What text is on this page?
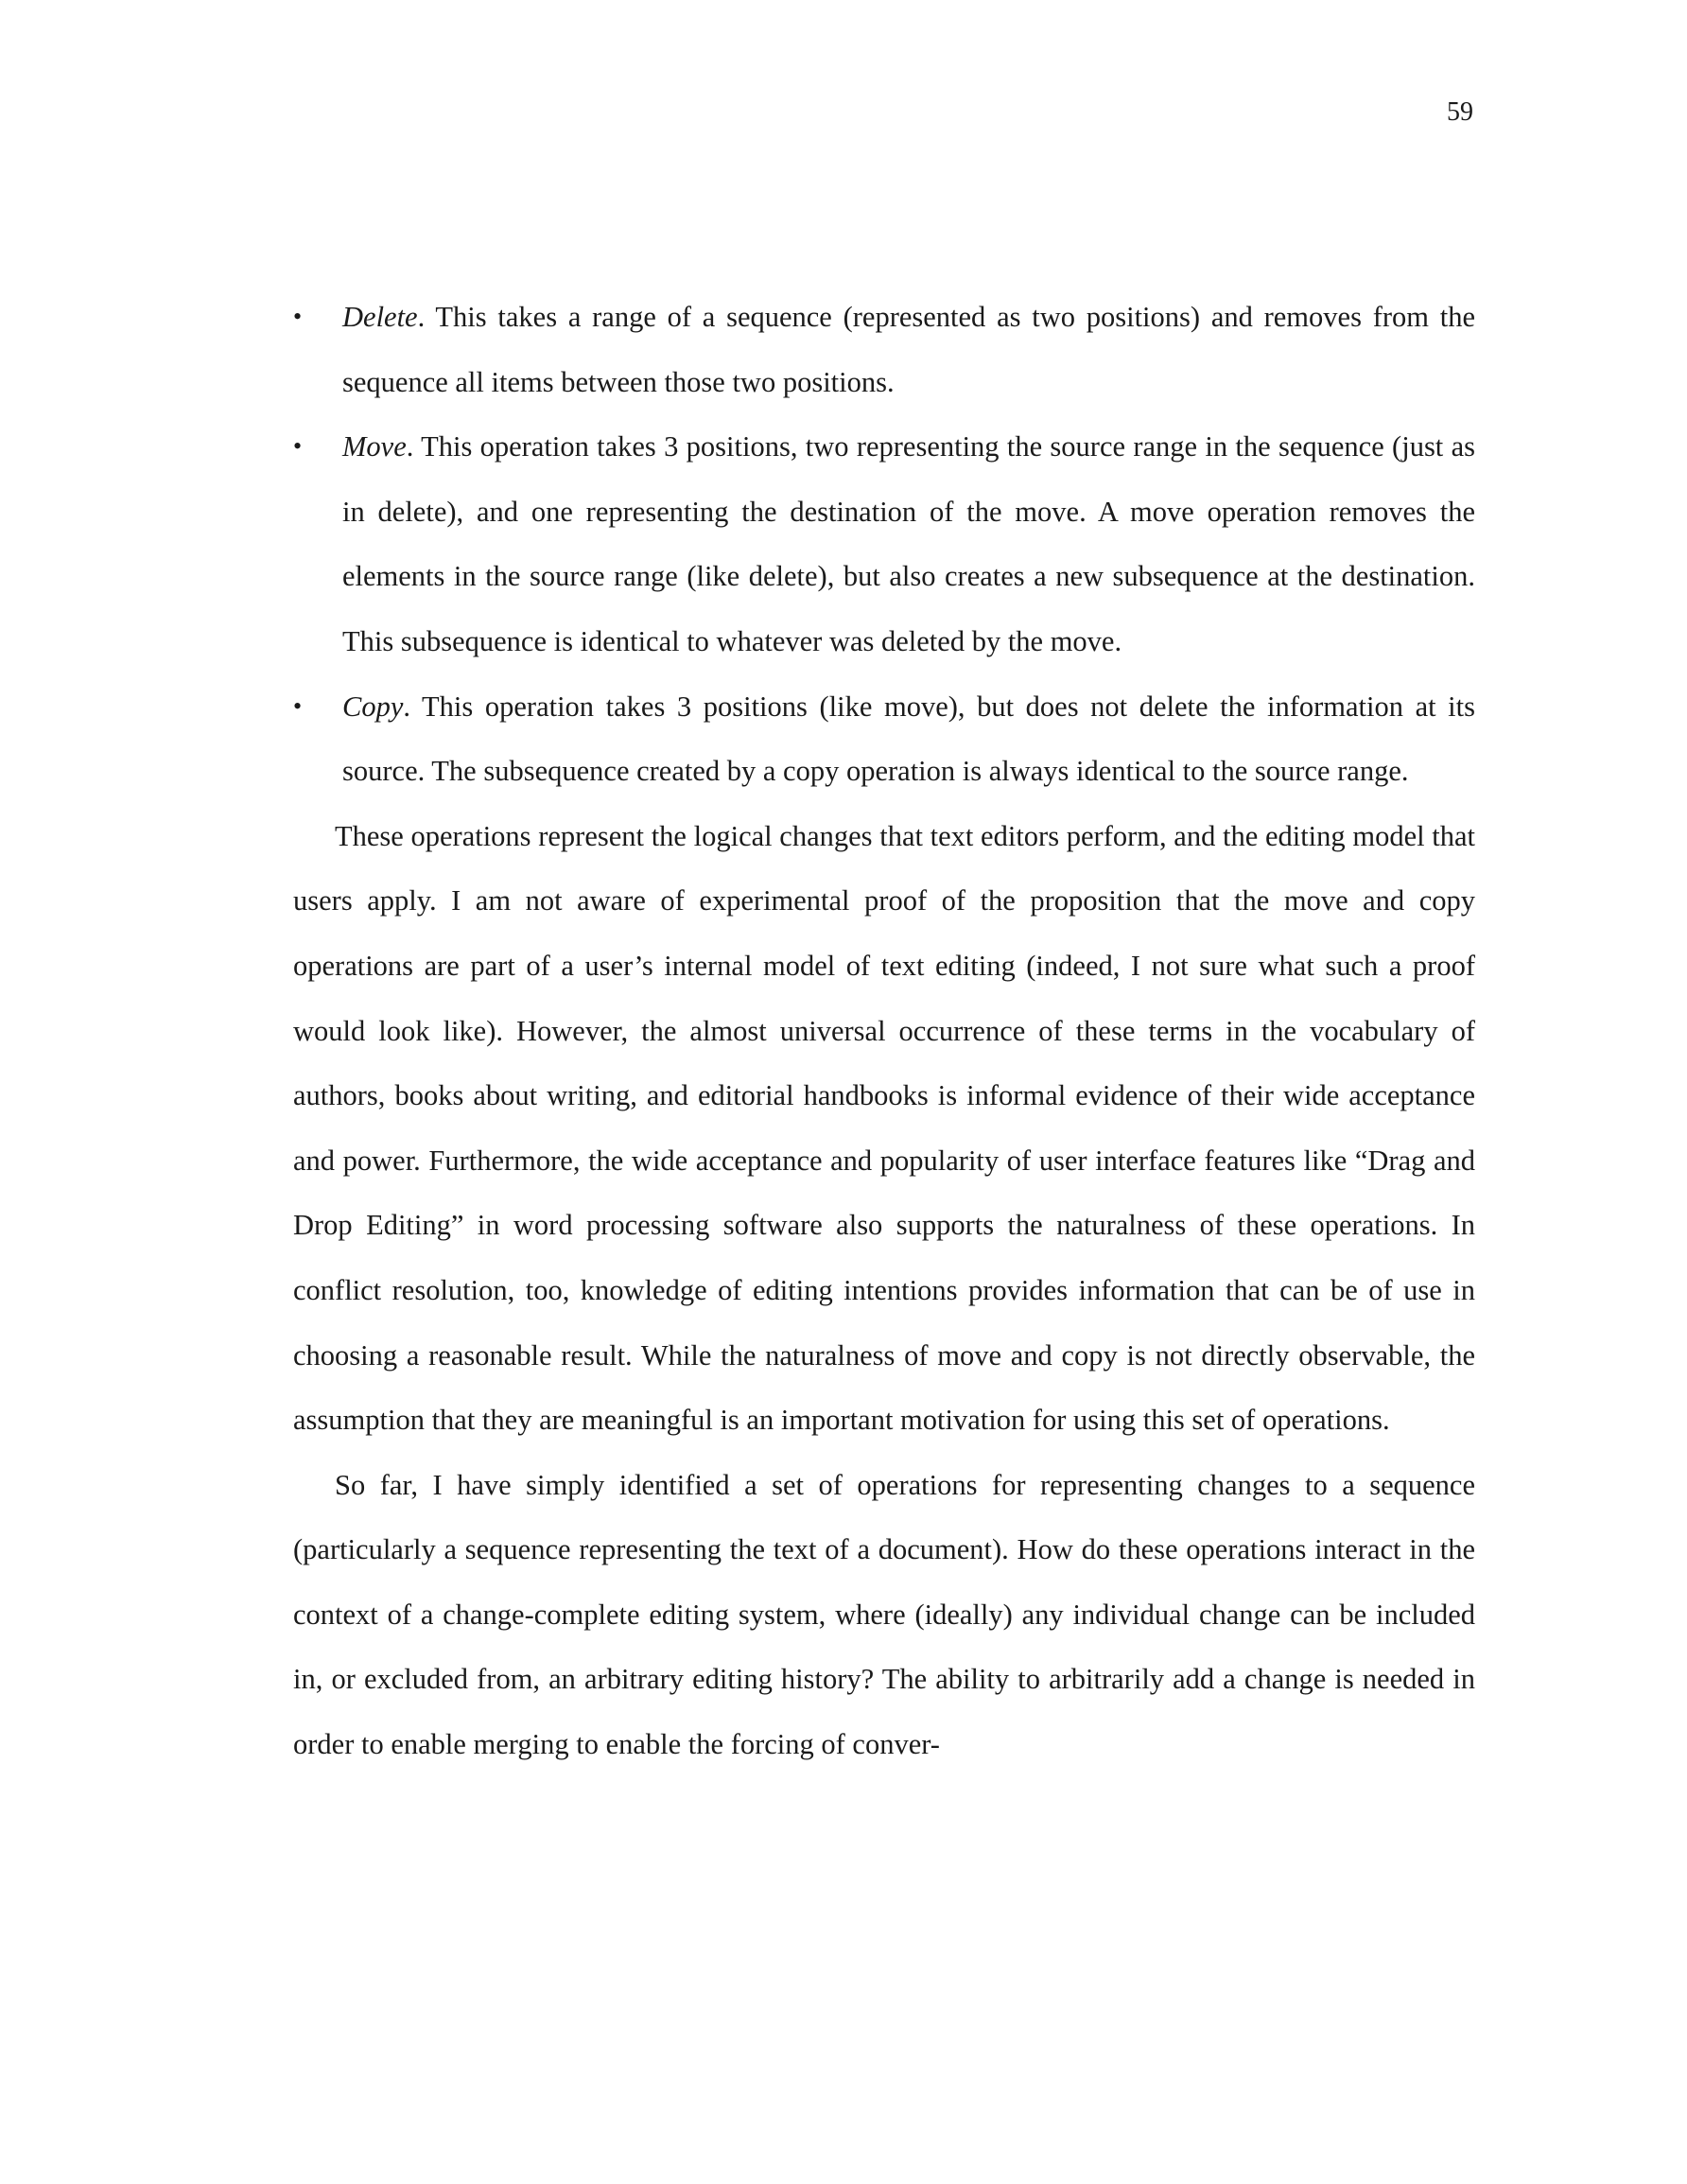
59
•	Delete. This takes a range of a sequence (represented as two positions) and removes from the sequence all items between those two positions.
•	Move. This operation takes 3 positions, two representing the source range in the sequence (just as in delete), and one representing the destination of the move. A move operation removes the elements in the source range (like delete), but also creates a new subsequence at the destination. This subsequence is identical to whatever was deleted by the move.
•	Copy. This operation takes 3 positions (like move), but does not delete the information at its source. The subsequence created by a copy operation is always identical to the source range.

These operations represent the logical changes that text editors perform, and the editing model that users apply. I am not aware of experimental proof of the proposition that the move and copy operations are part of a user’s internal model of text editing (indeed, I not sure what such a proof would look like). However, the almost universal occurrence of these terms in the vocabulary of authors, books about writing, and editorial handbooks is informal evidence of their wide acceptance and power. Furthermore, the wide acceptance and popularity of user interface features like “Drag and Drop Editing” in word processing software also supports the naturalness of these operations. In conflict resolution, too, knowledge of editing intentions provides information that can be of use in choosing a reasonable result. While the naturalness of move and copy is not directly observable, the assumption that they are meaningful is an important motivation for using this set of operations.

So far, I have simply identified a set of operations for representing changes to a sequence (particularly a sequence representing the text of a document). How do these operations interact in the context of a change-complete editing system, where (ideally) any individual change can be included in, or excluded from, an arbitrary editing history? The ability to arbitrarily add a change is needed in order to enable merging to enable the forcing of conver-
